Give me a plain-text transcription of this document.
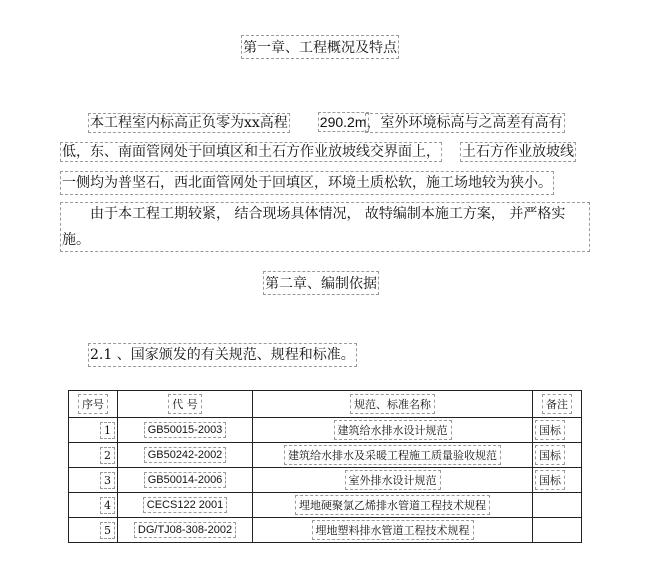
第一章、工程概况及特点
本工程室内标高正负零为xx高程 290.2m，室外环境标高与之高差有高有
低，东、南面管网处于回填区和土石方作业放坡线交界面上， 土石方作业放坡线
一侧均为普坚石，西北面管网处于回填区，环境土质松软，施工场地较为狭小。
由于本工程工期较紧， 结合现场具体情况， 故特编制本施工方案， 并严格实
施。
第二章、编制依据
2.1 、国家颁发的有关规范、规程和标准。
序号	代 号	规范、标准名称	备注
1	GB50015-2003	建筑给水排水设计规范	国标
2	GB50242-2002	建筑给水排水及采暖工程施工质量验收规范	国标
3	GB50014-2006	室外排水设计规范	国标
4	CECS122 2001	埋地硬聚氯乙烯排水管道工程技术规程	
5	DG/TJ08-308-2002	埋地塑料排水管道工程技术规程	
